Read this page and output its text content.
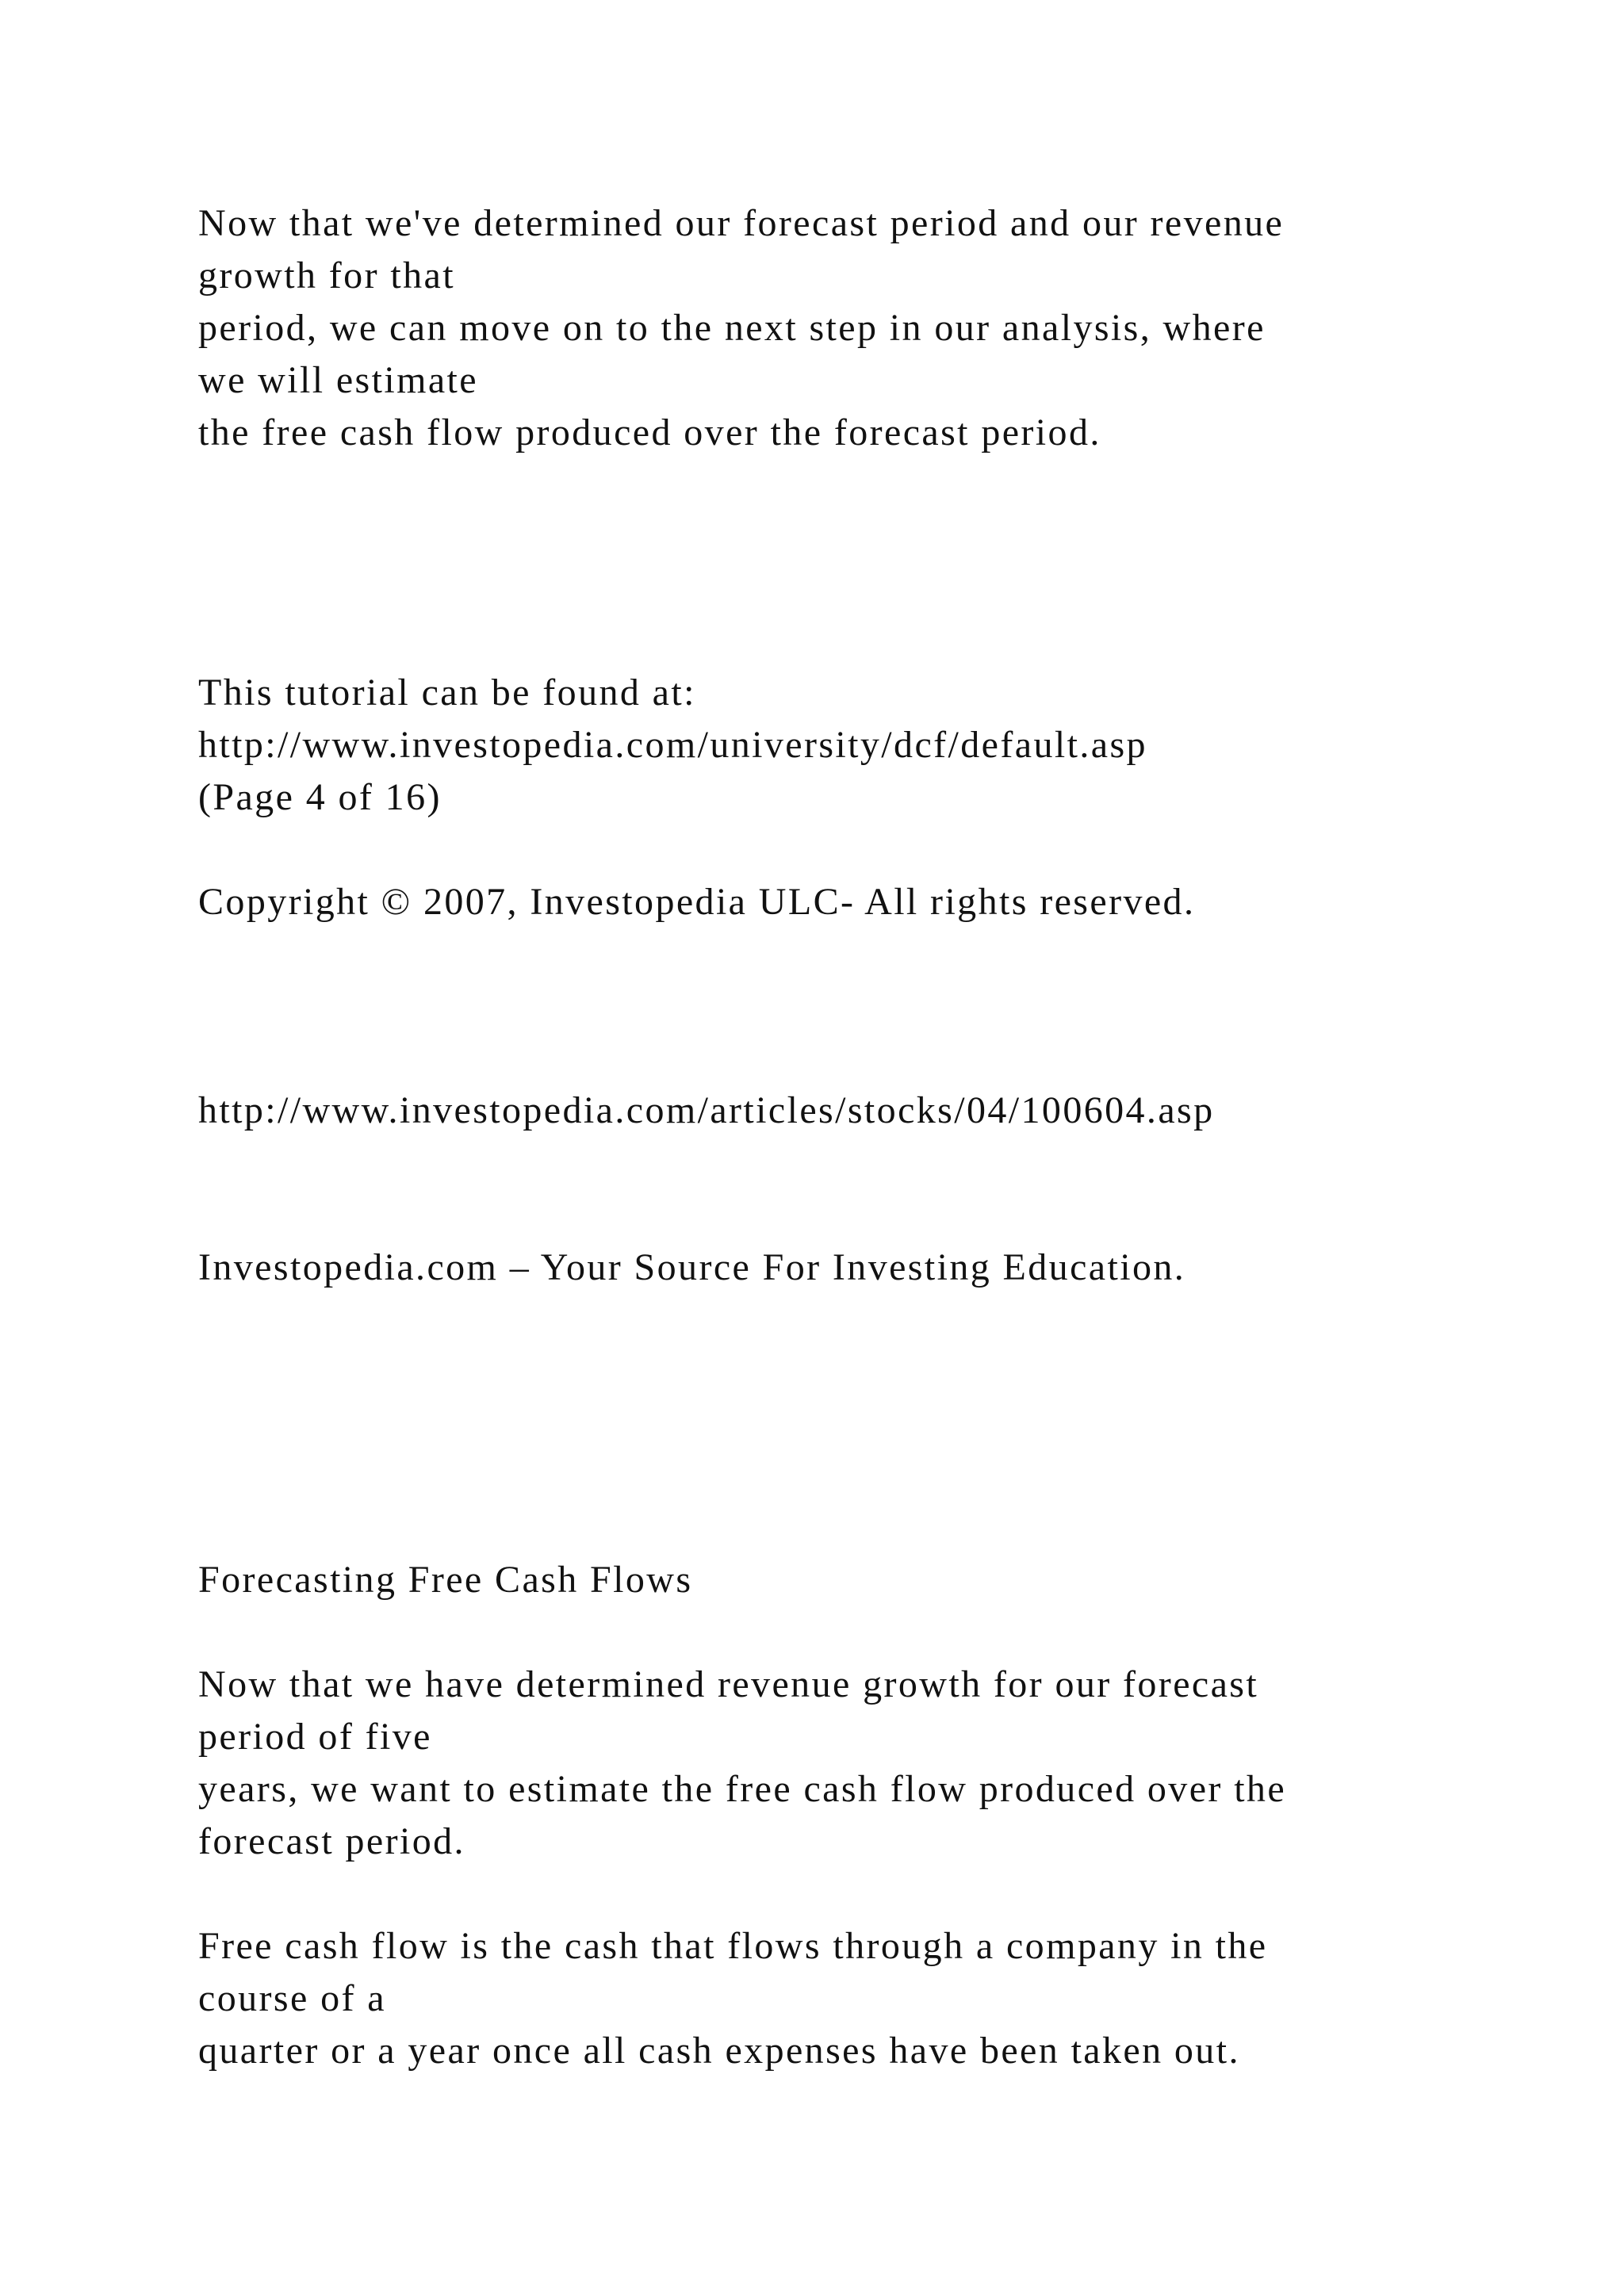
Now that we've determined our forecast period and our revenue

growth for that

period, we can move on to the next step in our analysis, where

we will estimate

the free cash flow produced over the forecast period.

This tutorial can be found at:

http://www.investopedia.com/university/dcf/default.asp

(Page 4 of 16)

Copyright © 2007, Investopedia ULC- All rights reserved.

http://www.investopedia.com/articles/stocks/04/100604.asp

Investopedia.com – Your Source For Investing Education.

Forecasting Free Cash Flows

Now that we have determined revenue growth for our forecast

period of five

years, we want to estimate the free cash flow produced over the

forecast period.

Free cash flow is the cash that flows through a company in the

course of a

quarter or a year once all cash expenses have been taken out.
